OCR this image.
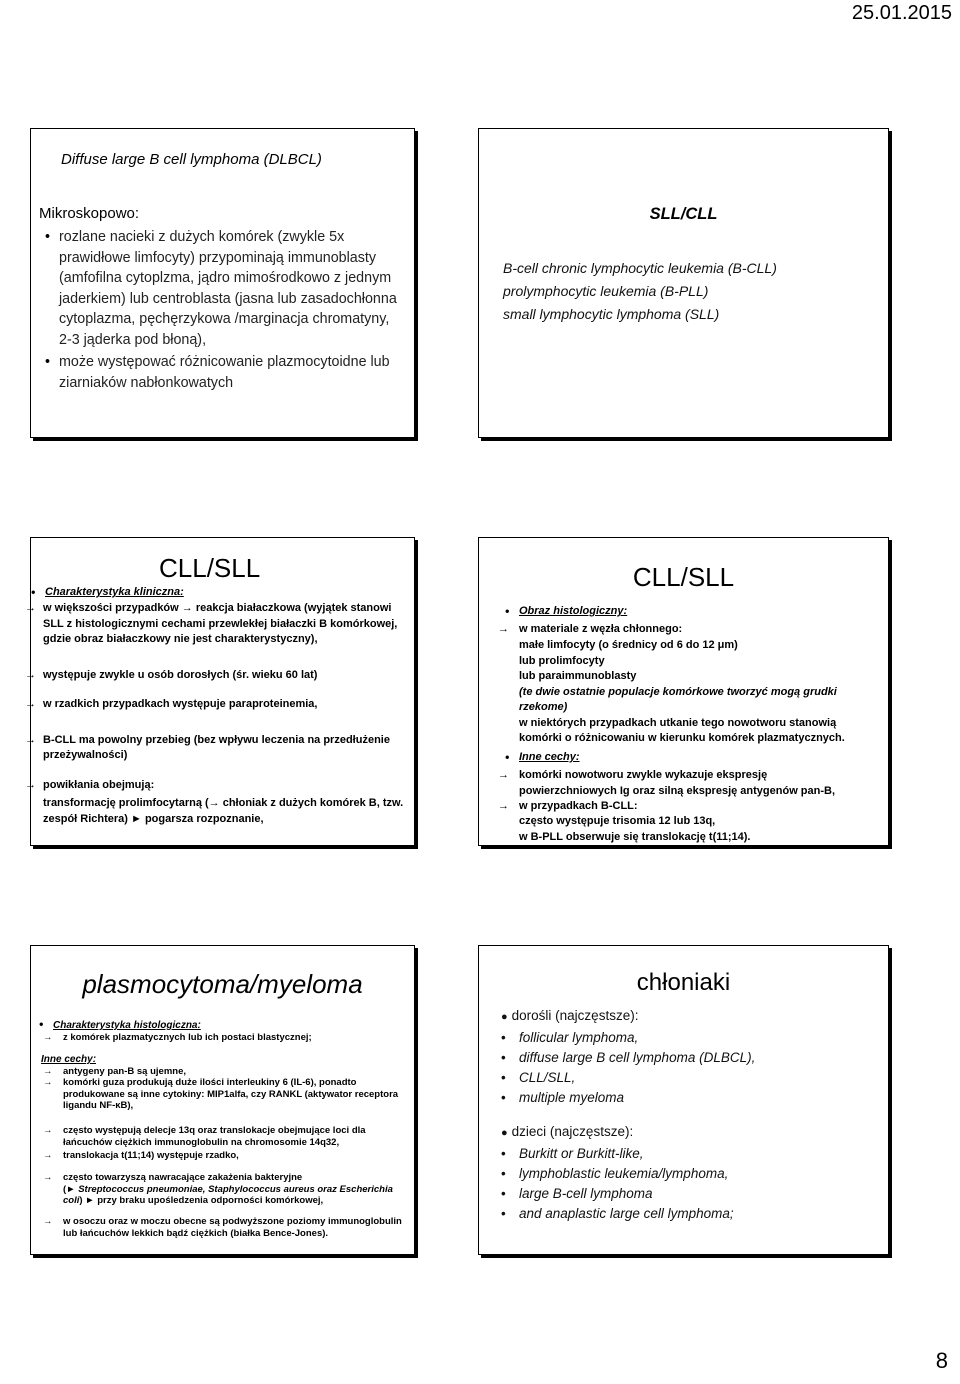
25.01.2015
Diffuse large B cell lymphoma (DLBCL)
Mikroskopowo:
• rozlane nacieki z dużych komórek (zwykle 5x prawidłowe limfocyty) przypominają immunoblasty (amfofilna cytoplzma, jądro mimośrodkowo z jednym jaderkiem) lub centroblasta (jasna lub zasadochłonna cytoplazma, pęchęrzykowa /marginacja chromatyny, 2-3 jąderka pod błoną),
• może występować różnicowanie plazmocytoidne lub ziarniaków nabłonkowatych
SLL/CLL
B-cell chronic lymphocytic leukemia (B-CLL)
prolymphocytic leukemia (B-PLL)
small lymphocytic lymphoma (SLL)
CLL/SLL
• Charakterystyka kliniczna:
→ w większości przypadków → reakcja białaczkowa (wyjątek stanowi SLL z histologicznymi cechami przewlekłej białaczki B komórkowej, gdzie obraz białaczkowy nie jest charakterystyczny),
→ występuje zwykle u osób dorosłych (śr. wieku 60 lat)
→ w rzadkich przypadkach występuje paraproteinemia,
→ B-CLL ma powolny przebieg (bez wpływu leczenia na przedłużenie przeżywalności)
→ powikłania obejmują:
transformację prolimfocytarną (→ chłoniak z dużych komórek B, tzw. zespół Richtera) ► pogarsza rozpoznanie,
CLL/SLL
• Obraz histologiczny:
→ w materiale z węzła chłonnego:
małe limfocyty (o średnicy od 6 do 12 μm)
lub prolimfocyty
lub paraimmunoblasty
(te dwie ostatnie populacje komórkowe tworzyć mogą grudki rzekome)
w niektórych przypadkach utkanie tego nowotworu stanowią komórki o różnicowaniu w kierunku komórek plazmatycznych.
• Inne cechy:
→ komórki nowotworu zwykle wykazuje ekspresję powierzchniowych Ig oraz silną ekspresję antygenów pan-B,
→ w przypadkach B-CLL:
często występuje trisomia 12 lub 13q,
w B-PLL obserwuje się translokację t(11;14).
plasmocytoma/myeloma
• Charakterystyka histologiczna:
→ z komórek plazmatycznych lub ich postaci blastycznej;
Inne cechy:
→ antygeny pan-B są ujemne,
→ komórki guza produkują duże ilości interleukiny 6 (IL-6), ponadto produkowane są inne cytokiny: MIP1alfa, czy RANKL (aktywator receptora ligandu NF-κB),
→ często występują delecje 13q oraz translokacje obejmujące loci dla łańcuchów ciężkich immunoglobulin na chromosomie 14q32,
→ translokacja t(11;14) występuje rzadko,
→ często towarzyszą nawracające zakażenia bakteryjne
(► Streptococcus pneumoniae, Staphylococcus aureus oraz Escherichia coli) ► przy braku upośledzenia odporności komórkowej,
→ w osoczu oraz w moczu obecne są podwyższone poziomy immunoglobulin lub łańcuchów lekkich bądź ciężkich (białka Bence-Jones).
chłoniaki
● dorośli (najczęstsze):
• follicular lymphoma,
• diffuse large B cell lymphoma (DLBCL),
• CLL/SLL,
• multiple myeloma
● dzieci (najczęstsze):
• Burkitt or Burkitt-like,
• lymphoblastic leukemia/lymphoma,
• large B-cell lymphoma
• and anaplastic large cell lymphoma;
8
